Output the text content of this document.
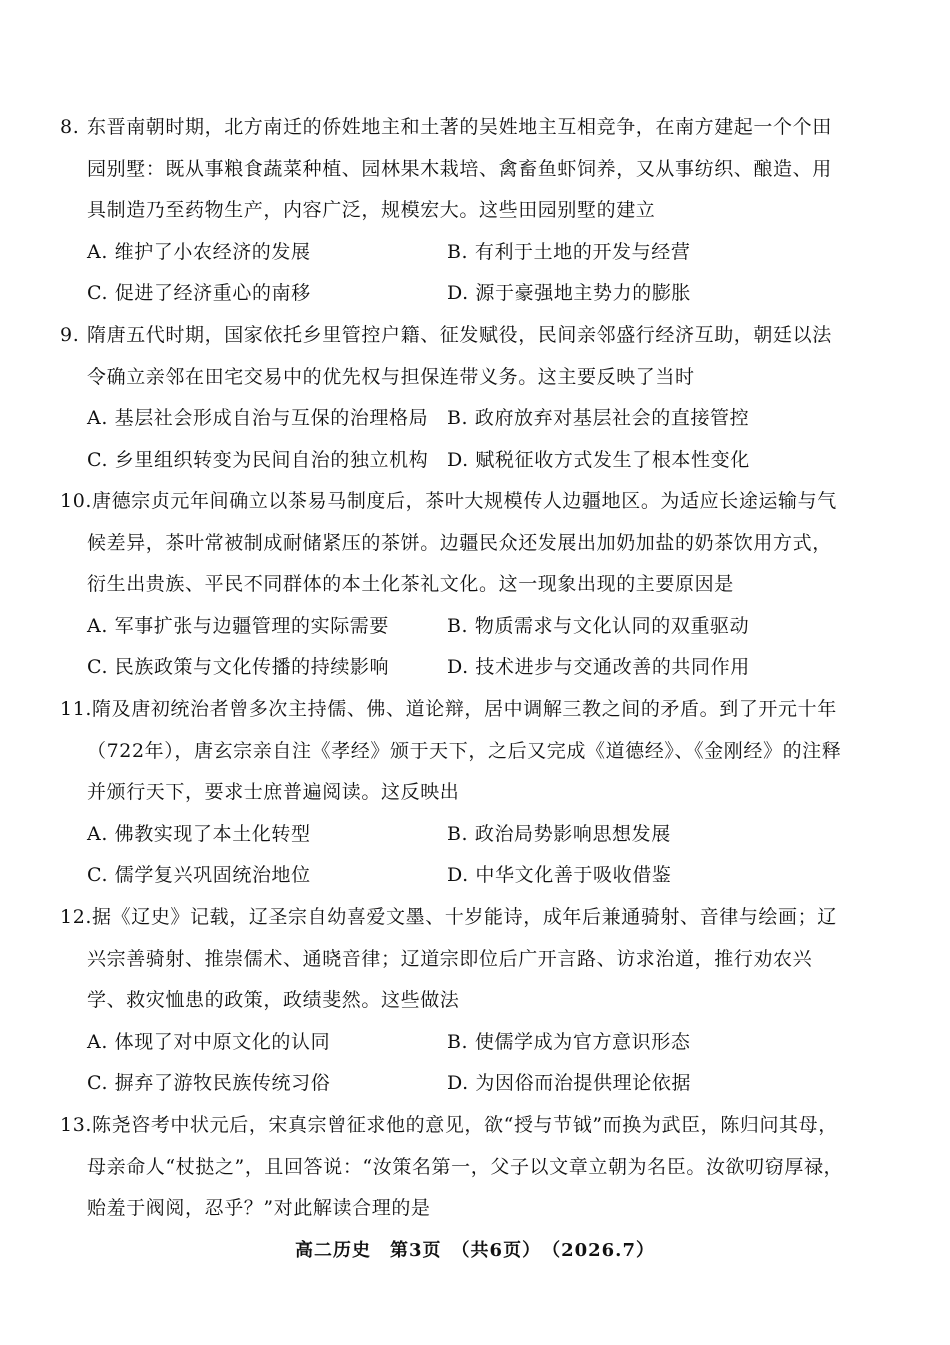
8. 东晋南朝时期，北方南迁的侨姓地主和土著的吴姓地主互相竞争，在南方建起一个个田园别墅：既从事粮食蔬菜种植、园林果木栽培、禽畜鱼虾饲养，又从事纺织、酿造、用具制造乃至药物生产，内容广泛，规模宏大。这些田园别墅的建立

A. 维护了小农经济的发展	B. 有利于土地的开发与经营
C. 促进了经济重心的南移	D. 源于豪强地主势力的膨胀

9. 隋唐五代时期，国家依托乡里管控户籍、征发赋役，民间亲邻盛行经济互助，朝廷以法令确立亲邻在田宅交易中的优先权与担保连带义务。这主要反映了当时

A. 基层社会形成自治与互保的治理格局 B. 政府放弃对基层社会的直接管控
C. 乡里组织转变为民间自治的独立机构 D. 赋税征收方式发生了根本性变化

10.唐德宗贞元年间确立以茶易马制度后，茶叶大规模传人边疆地区。为适应长途运输与气候差异，茶叶常被制成耐储紧压的茶饼。边疆民众还发展出加奶加盐的奶茶饮用方式，衍生出贵族、平民不同群体的本土化茶礼文化。这一现象出现的主要原因是

A. 军事扩张与边疆管理的实际需要	B. 物质需求与文化认同的双重驱动
C. 民族政策与文化传播的持续影响	D. 技术进步与交通改善的共同作用

11.隋及唐初统治者曾多次主持儒、佛、道论辩，居中调解三教之间的矛盾。到了开元十年（722年），唐玄宗亲自注《孝经》颁于天下，之后又完成《道德经》、《金刚经》的注释并颁行天下，要求士庶普遍阅读。这反映出

A. 佛教实现了本土化转型	B. 政治局势影响思想发展
C. 儒学复兴巩固统治地位	D. 中华文化善于吸收借鉴

12.据《辽史》记载，辽圣宗自幼喜爱文墨、十岁能诗，成年后兼通骑射、音律与绘画；辽兴宗善骑射、推崇儒术、通晓音律；辽道宗即位后广开言路、访求治道，推行劝农兴学、救灾恤患的政策，政绩斐然。这些做法

A. 体现了对中原文化的认同	B. 使儒学成为官方意识形态
C. 摒弃了游牧民族传统习俗	D. 为因俗而治提供理论依据

13.陈尧咨考中状元后，宋真宗曾征求他的意见，欲“授与节钺”而换为武臣，陈归问其母，母亲命人“杖挞之”，且回答说：“汝策名第一，父子以文章立朝为名臣。汝欲叨窃厚禄，贻羞于阀阅，忍乎？”对此解读合理的是

高二历史　第3页　（共6页）　（2026.7）
